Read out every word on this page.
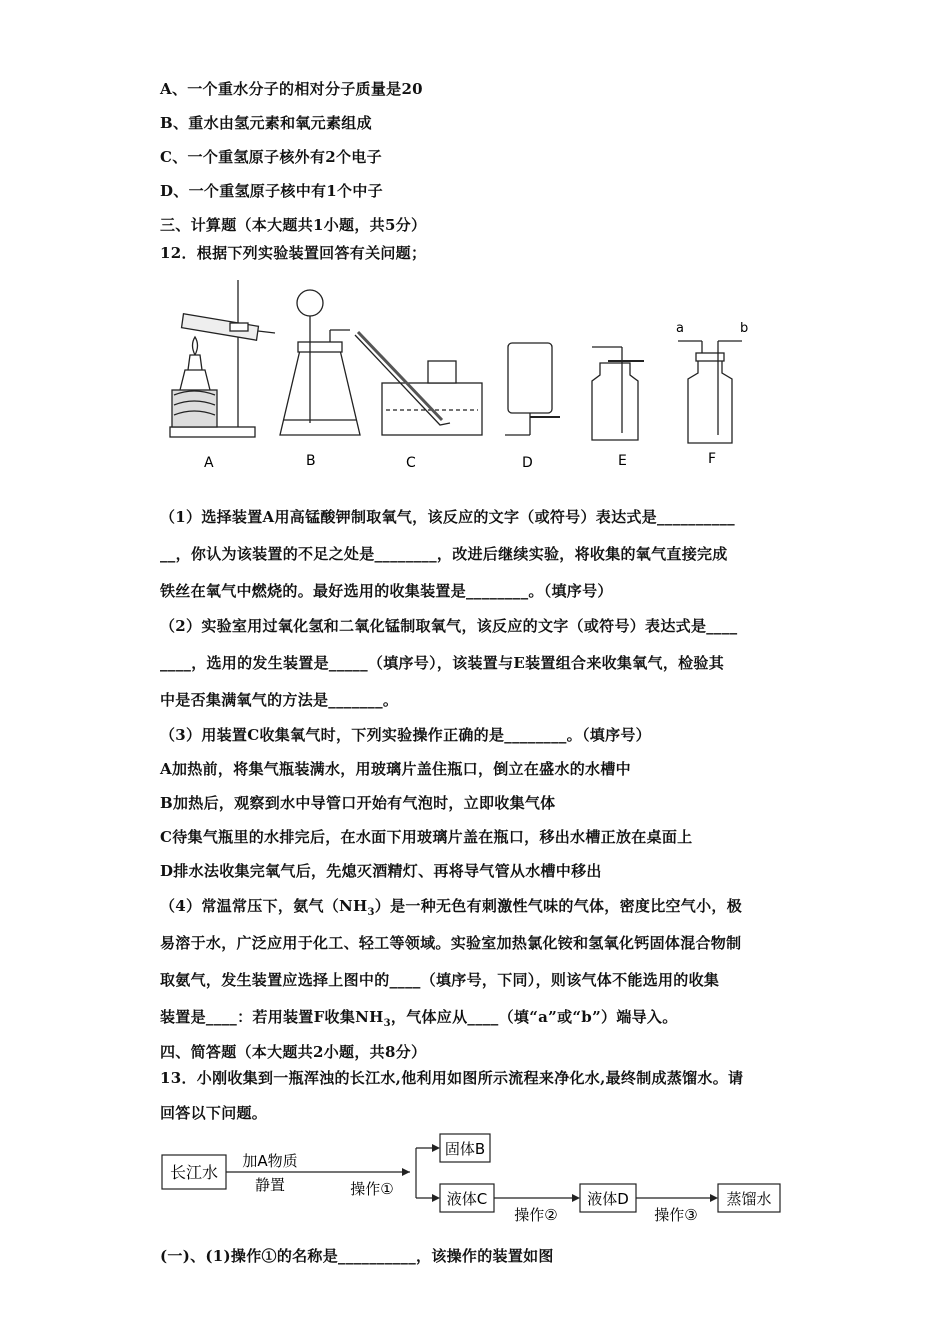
A、一个重水分子的相对分子质量是20
B、重水由氢元素和氧元素组成
C、一个重氢原子核外有2个电子
D、一个重氢原子核中有1个中子
三、计算题（本大题共1小题，共5分）
12．根据下列实验装置回答有关问题；
a	b
A	B	C	D	E	F
（1）选择装置A用高锰酸钾制取氧气，该反应的文字（或符号）表达式是__________
__，你认为该装置的不足之处是________，改进后继续实验，将收集的氧气直接完成
铁丝在氧气中燃烧的。最好选用的收集装置是________。（填序号）
（2）实验室用过氧化氢和二氧化锰制取氧气，该反应的文字（或符号）表达式是____
____，选用的发生装置是_____（填序号），该装置与E装置组合来收集氧气，检验其
中是否集满氧气的方法是_______。
（3）用装置C收集氧气时，下列实验操作正确的是________。（填序号）
A加热前，将集气瓶装满水，用玻璃片盖住瓶口，倒立在盛水的水槽中
B加热后，观察到水中导管口开始有气泡时，立即收集气体
C待集气瓶里的水排完后，在水面下用玻璃片盖在瓶口，移出水槽正放在桌面上
D排水法收集完氧气后，先熄灭酒精灯、再将导气管从水槽中移出
（4）常温常压下，氨气$(NH_3)$是一种无色有刺激性气味的气体，密度比空气小，极
易溶于水，广泛应用于化工、轻工等领域。实验室加热氯化铵和氢氧化钙固体混合物制
取氨气，发生装置应选择上图中的____（填序号，下同），则该气体不能选用的收集
装置是____：若用装置F收集$NH_3$，气体应从____（填“a”或“b”）端导入。
四、简答题（本大题共2小题，共8分）
13．小刚收集到一瓶浑浊的长江水,他利用如图所示流程来净化水,最终制成蒸馏水。请
回答以下问题。
长江水
加A物质
静置	操作①
固体B
液体C
操作②
液体D
操作③
蒸馏水
(一)、(1)操作①的名称是__________，该操作的装置如图
